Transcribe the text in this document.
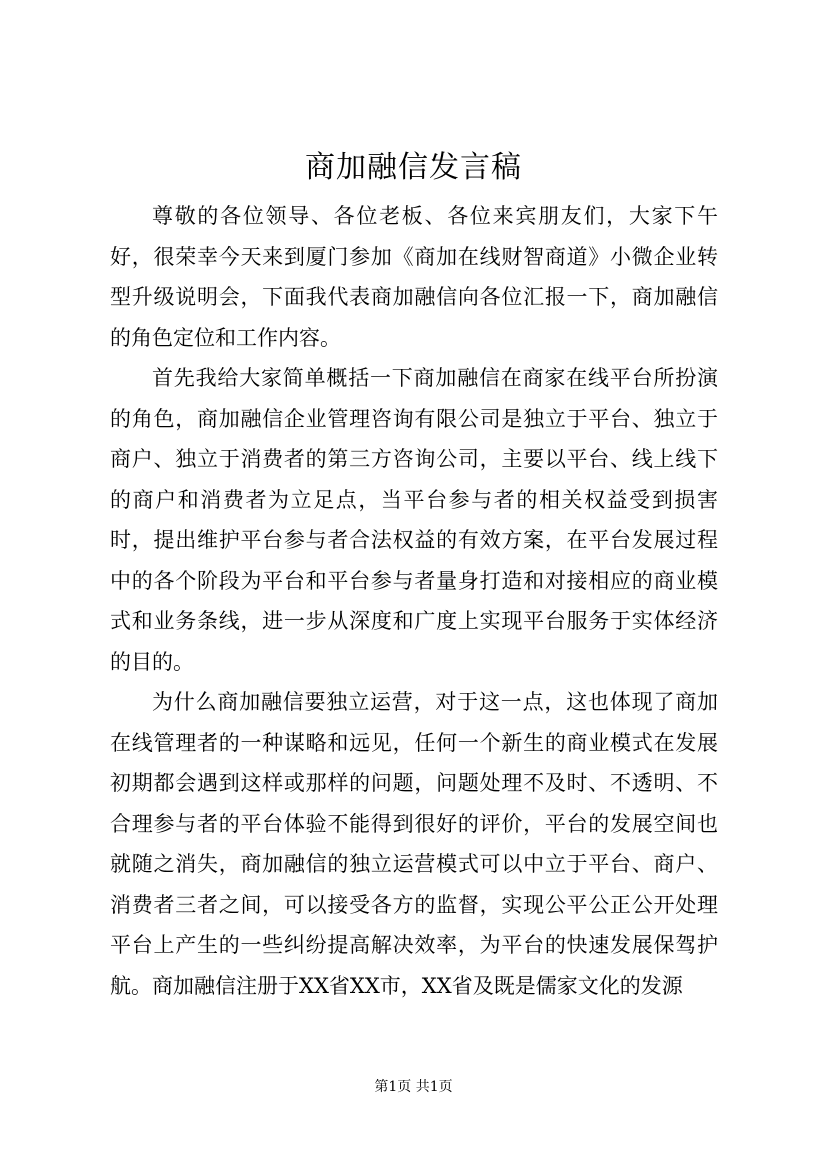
商加融信发言稿

尊敬的各位领导、各位老板、各位来宾朋友们，大家下午好，很荣幸今天来到厦门参加《商加在线财智商道》小微企业转型升级说明会，下面我代表商加融信向各位汇报一下，商加融信的角色定位和工作内容。

首先我给大家简单概括一下商加融信在商家在线平台所扮演的角色，商加融信企业管理咨询有限公司是独立于平台、独立于商户、独立于消费者的第三方咨询公司，主要以平台、线上线下的商户和消费者为立足点，当平台参与者的相关权益受到损害时，提出维护平台参与者合法权益的有效方案，在平台发展过程中的各个阶段为平台和平台参与者量身打造和对接相应的商业模式和业务条线，进一步从深度和广度上实现平台服务于实体经济的目的。

为什么商加融信要独立运营，对于这一点，这也体现了商加在线管理者的一种谋略和远见，任何一个新生的商业模式在发展初期都会遇到这样或那样的问题，问题处理不及时、不透明、不合理参与者的平台体验不能得到很好的评价，平台的发展空间也就随之消失，商加融信的独立运营模式可以中立于平台、商户、消费者三者之间，可以接受各方的监督，实现公平公正公开处理平台上产生的一些纠纷提高解决效率，为平台的快速发展保驾护航。商加融信注册于XX省XX市，XX省及既是儒家文化的发源

第1页 共1页
